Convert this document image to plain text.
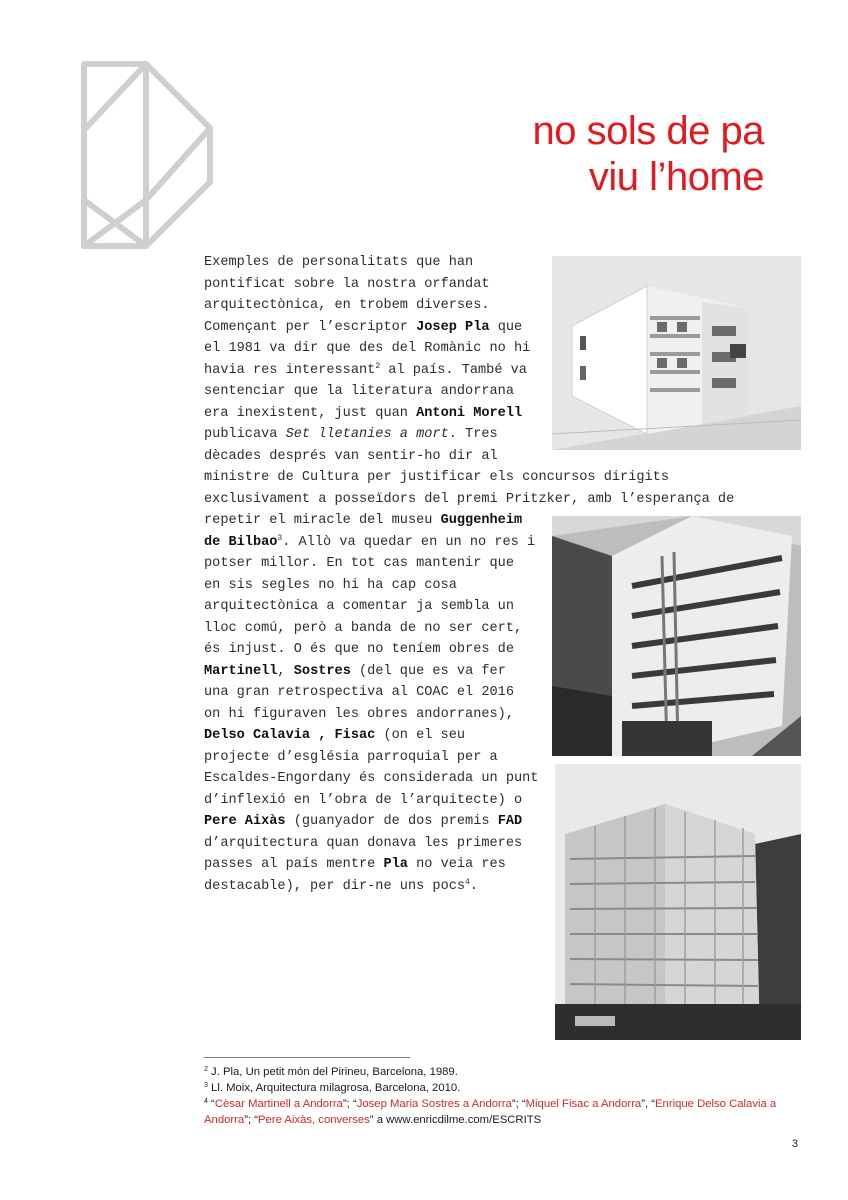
no sols de pa
viu l’home
Exemples de personalitats que han pontificat sobre la nostra orfandat arquitectònica, en trobem diverses. Començant per l’escriptor Josep Pla que el 1981 va dir que des del Romànic no hi havia res interessant$^2$ al país. També va sentenciar que la literatura andorrana era inexistent, just quan Antoni Morell publicava Set lletanies a mort. Tres dècades després van sentir-ho dir al ministre de Cultura per justificar els concursos dirigits exclusivament a posseïdors del premi Pritzker, amb l’esperança de repetir el miracle del museu
Guggenheim de Bilbao$^3$. Allò va quedar en un no res i potser millor. En tot cas mantenir que en sis segles no hi ha cap cosa arquitectònica a comentar ja sembla un lloc comú, però a banda de no ser cert, és injust. O és que no teníem obres de Martinell,
Sostres (del que es va fer una gran retrospectiva al COAC el 2016 on hi figuraven les obres andorranes), Delso Calavia , Fisac (on el seu projecte d’església parroquial per a Escaldes-Engordany és considerada un punt d’inflexió en l’obra de l’arquitecte) o Pere Aixàs (guanyador de dos premis FAD d’arquitectura quan donava les primeres passes al país mentre Pla no veia res destacable), per dir-ne uns pocs$^4$.

$^2$ J. Pla, Un petit món del Pirineu, Barcelona, 1989.

$^3$ Ll. Moix, Arquitectura milagrosa, Barcelona, 2010.

$^4$ “Cèsar Martinell a Andorra”; “Josep Maria Sostres a Andorra”; “Miquel Fisac a Andorra”, “Enrique Delso Calavia a Andorra”; “Pere Aixàs, converses” a www.enricdilme.com/ESCRITS

3
